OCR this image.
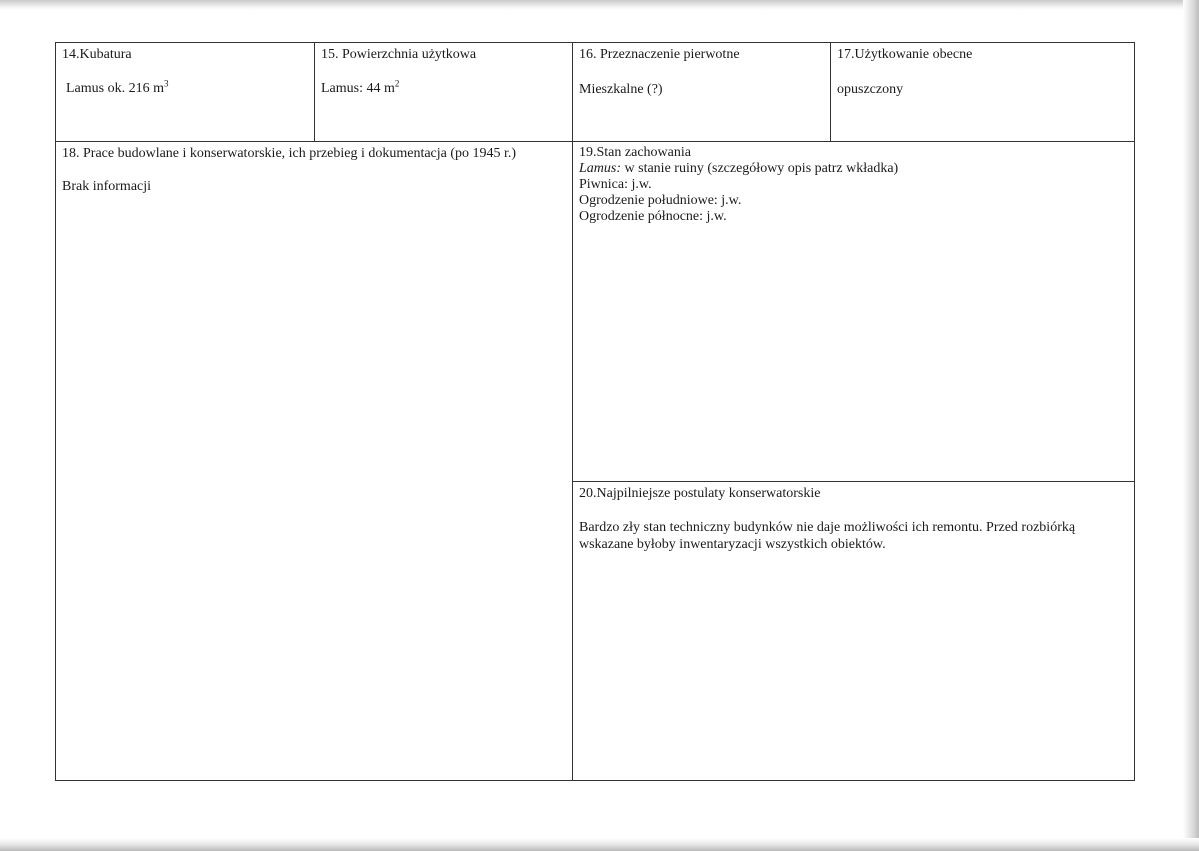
14.Kubatura

Lamus ok. 216 $m^3$

15. Powierzchnia użytkowa

Lamus: 44 $m^2$

16. Przeznaczenie pierwotne

Mieszkalne (?)

17.Użytkowanie obecne

opuszczony

18. Prace budowlane i konserwatorskie, ich przebieg i dokumentacja (po 1945 r.)

Brak informacji

19.Stan zachowania

Lamus: w stanie ruiny (szczegółowy opis patrz wkładka)

Piwnica: j.w.

Ogrodzenie południowe: j.w.

Ogrodzenie północne: j.w.

20.Najpilniejsze postulaty konserwatorskie

Bardzo zły stan techniczny budynków nie daje możliwości ich remontu. Przed rozbiórką

wskazane byłoby inwentaryzacji wszystkich obiektów.
